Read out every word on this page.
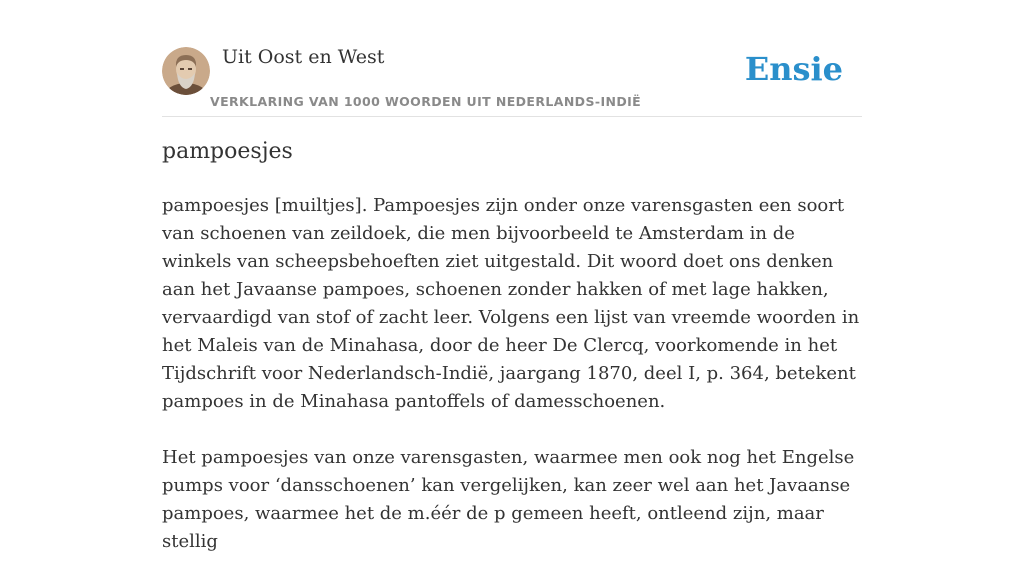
Uit Oost en West
VERKLARING VAN 1000 WOORDEN UIT NEDERLANDS-INDIË
Ensie
pampoesjes

pampoesjes [muiltjes]. Pampoesjes zijn onder onze varensgasten een soort van schoenen van zeildoek, die men bijvoorbeeld te Amsterdam in de winkels van scheepsbehoeften ziet uitgestald. Dit woord doet ons denken aan het Javaanse pampoes, schoenen zonder hakken of met lage hakken, vervaardigd van stof of zacht leer. Volgens een lijst van vreemde woorden in het Maleis van de Minahasa, door de heer De Clercq, voorkomende in het Tijdschrift voor Nederlandsch-Indië, jaargang 1870, deel I, p. 364, betekent pampoes in de Minahasa pantoffels of damesschoenen.

Het pampoesjes van onze varensgasten, waarmee men ook nog het Engelse pumps voor ‘dansschoenen’ kan vergelijken, kan zeer wel aan het Javaanse pampoes, waarmee het de m.éér de p gemeen heeft, ontleend zijn, maar stellig
